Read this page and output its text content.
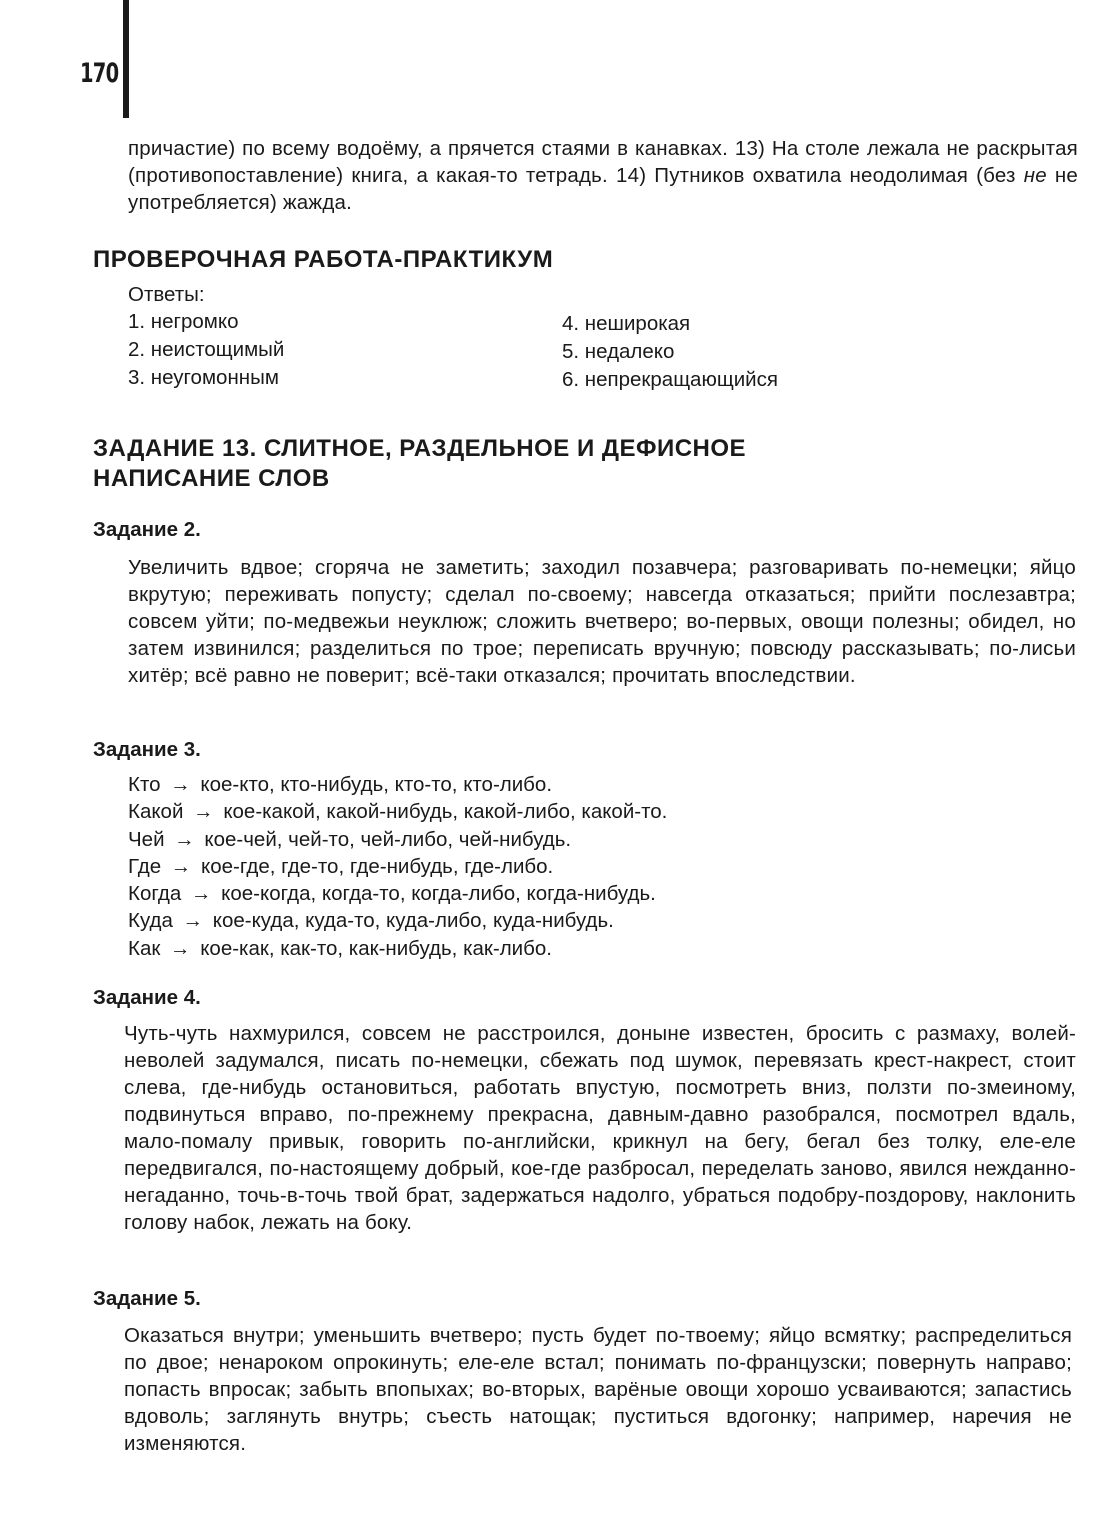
170

причастие) по всему водоёму, а прячется стаями в канавках. 13) На столе лежала не раскрытая (противопоставление) книга, а какая-то тетрадь. 14) Путников охватила неодолимая (без не не употребляется) жажда.

ПРОВЕРОЧНАЯ РАБОТА-ПРАКТИКУМ
Ответы:
1. негромко
2. неистощимый
3. неугомонным
4. неширокая
5. недалеко
6. непрекращающийся
ЗАДАНИЕ 13. СЛИТНОЕ, РАЗДЕЛЬНОЕ И ДЕФИСНОЕ
НАПИСАНИЕ СЛОВ
Задание 2.

Увеличить вдвое; сгоряча не заметить; заходил позавчера; разговаривать по-немецки; яйцо вкрутую; переживать попусту; сделал по-своему; навсегда отказаться; прийти послезавтра; совсем уйти; по-медвежьи неуклюж; сложить вчетверо; во-первых, овощи полезны; обидел, но затем извинился; разделиться по трое; переписать вручную; повсюду рассказывать; по-лисьи хитёр; всё равно не поверит; всё-таки отказался; прочитать впоследствии.

Задание 3.
Кто → кое-кто, кто-нибудь, кто-то, кто-либо.
Какой → кое-какой, какой-нибудь, какой-либо, какой-то.
Чей → кое-чей, чей-то, чей-либо, чей-нибудь.
Где → кое-где, где-то, где-нибудь, где-либо.
Когда → кое-когда, когда-то, когда-либо, когда-нибудь.
Куда → кое-куда, куда-то, куда-либо, куда-нибудь.
Как → кое-как, как-то, как-нибудь, как-либо.
Задание 4.

Чуть-чуть нахмурился, совсем не расстроился, доныне известен, бросить с размаху, волей-неволей задумался, писать по-немецки, сбежать под шумок, перевязать крест-накрест, стоит слева, где-нибудь остановиться, работать впустую, посмотреть вниз, ползти по-змеиному, подвинуться вправо, по-прежнему прекрасна, давным-давно разобрался, посмотрел вдаль, мало-помалу привык, говорить по-английски, крикнул на бегу, бегал без толку, еле-еле передвигался, по-настоящему добрый, кое-где разбросал, переделать заново, явился нежданно-негаданно, точь-в-точь твой брат, задержаться надолго, убраться подобру-поздорову, наклонить голову набок, лежать на боку.

Задание 5.

Оказаться внутри; уменьшить вчетверо; пусть будет по-твоему; яйцо всмятку; распределиться по двое; ненароком опрокинуть; еле-еле встал; понимать по-французски; повернуть направо; попасть впросак; забыть впопыхах; во-вторых, варёные овощи хорошо усваиваются; запастись вдоволь; заглянуть внутрь; съесть натощак; пуститься вдогонку; например, наречия не изменяются.
